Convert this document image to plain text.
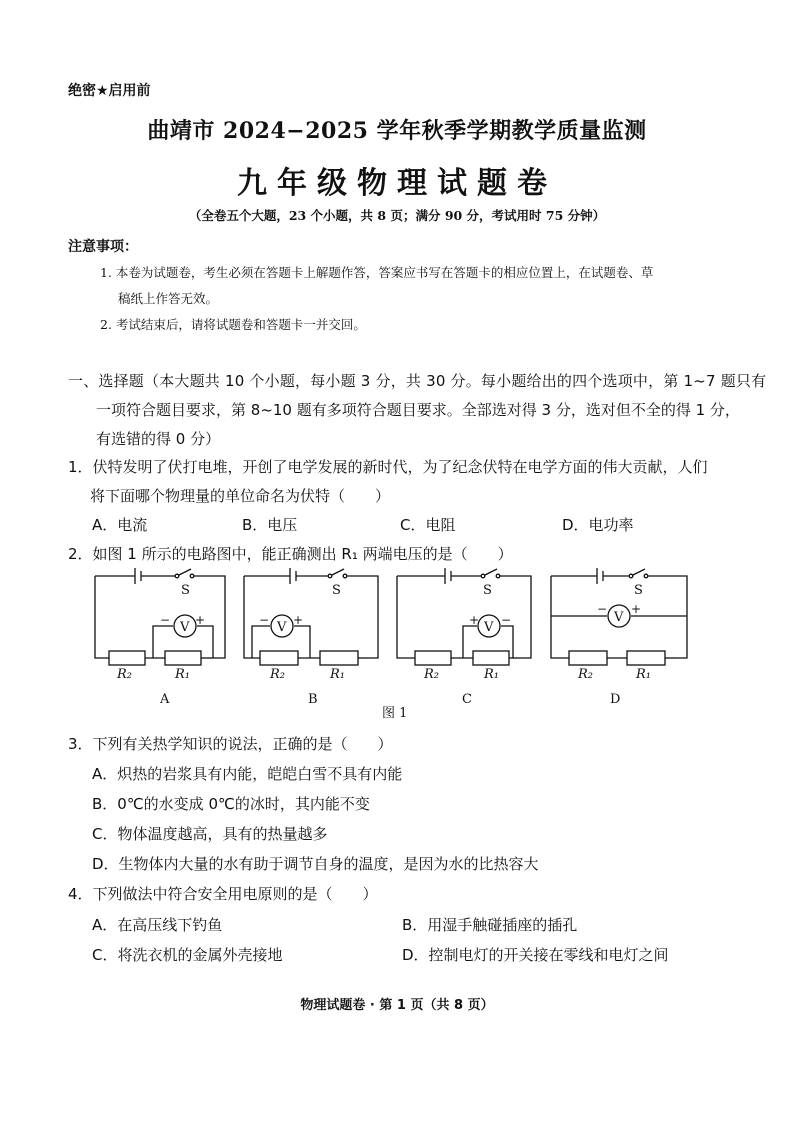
绝密★启用前
曲靖市 2024−2025 学年秋季学期教学质量监测
九年级物理试题卷
（全卷五个大题，23 个小题，共 8 页；满分 90 分，考试用时 75 分钟）
注意事项：
1. 本卷为试题卷，考生必须在答题卡上解题作答，答案应书写在答题卡的相应位置上，在试题卷、草
稿纸上作答无效。
2. 考试结束后，请将试题卷和答题卡一并交回。
一、选择题（本大题共 10 个小题，每小题 3 分，共 30 分。每小题给出的四个选项中，第 1~7 题只有
一项符合题目要求，第 8~10 题有多项符合题目要求。全部选对得 3 分，选对但不全的得 1 分，
有选错的得 0 分）
1．伏特发明了伏打电堆，开创了电学发展的新时代，为了纪念伏特在电学方面的伟大贡献，人们
将下面哪个物理量的单位命名为伏特（　　）
A．电流	B．电压	C．电阻	D．电功率
2．如图 1 所示的电路图中，能正确测出 R₁ 两端电压的是（　　）
S
V
− +
R₂	R₁
A
S
V
− +
R₂	R₁
B
S
V
+ −
R₂	R₁
C
S
V
− +
R₂	R₁
D
图 1
3．下列有关热学知识的说法，正确的是（　　）
A．炽热的岩浆具有内能，皑皑白雪不具有内能
B．0℃的水变成 0℃的冰时，其内能不变
C．物体温度越高，具有的热量越多
D．生物体内大量的水有助于调节自身的温度，是因为水的比热容大
4．下列做法中符合安全用电原则的是（　　）
A．在高压线下钓鱼	B．用湿手触碰插座的插孔
C．将洗衣机的金属外壳接地	D．控制电灯的开关接在零线和电灯之间
物理试题卷 · 第 1 页（共 8 页）
